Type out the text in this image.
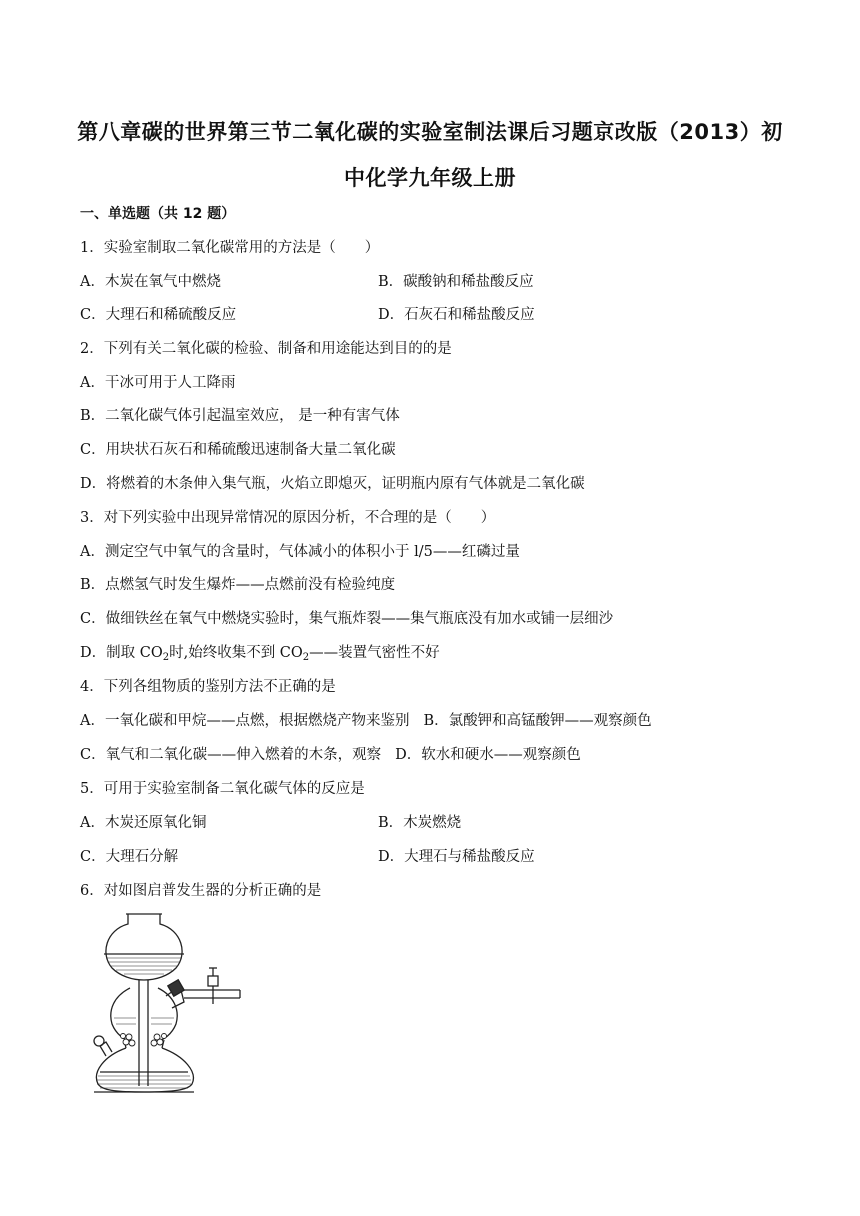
第八章碳的世界第三节二氧化碳的实验室制法课后习题京改版（2013）初
中化学九年级上册
一、单选题（共 12 题）
1．实验室制取二氧化碳常用的方法是（　　）
A．木炭在氧气中燃烧	B．碳酸钠和稀盐酸反应
C．大理石和稀硫酸反应	D．石灰石和稀盐酸反应
2．下列有关二氧化碳的检验、制备和用途能达到目的的是
A．干冰可用于人工降雨
B．二氧化碳气体引起温室效应， 是一种有害气体
C．用块状石灰石和稀硫酸迅速制备大量二氧化碳
D．将燃着的木条伸入集气瓶，火焰立即熄灭，证明瓶内原有气体就是二氧化碳
3．对下列实验中出现异常情况的原因分析，不合理的是（　　）
A．测定空气中氧气的含量时，气体减小的体积小于 l/5——红磷过量
B．点燃氢气时发生爆炸——点燃前没有检验纯度
C．做细铁丝在氧气中燃烧实验时，集气瓶炸裂——集气瓶底没有加水或铺一层细沙
D．制取 $CO_2$时,始终收集不到 $CO_2——$装置气密性不好
4．下列各组物质的鉴别方法不正确的是
A．一氧化碳和甲烷——点燃，根据燃烧产物来鉴别 B．氯酸钾和高锰酸钾——观察颜色
C．氧气和二氧化碳——伸入燃着的木条，观察 D．软水和硬水——观察颜色
5．可用于实验室制备二氧化碳气体的反应是
A．木炭还原氧化铜	B．木炭燃烧
C．大理石分解	D．大理石与稀盐酸反应
6．对如图启普发生器的分析正确的是
